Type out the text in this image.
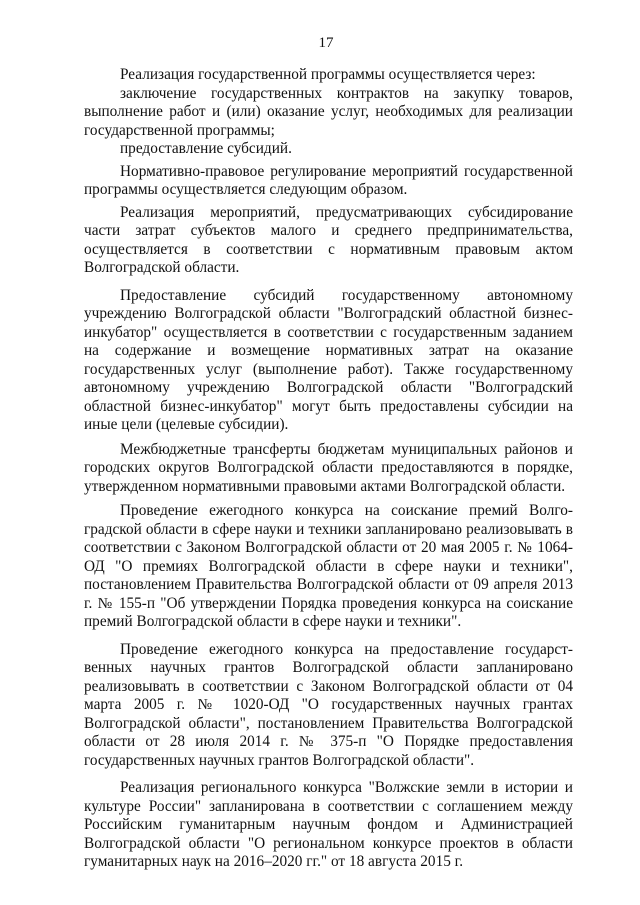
17

Реализация государственной программы осуществляется через:

заключение государственных контрактов на закупку товаров, выполнение работ и (или) оказание услуг, необходимых для реализации государственной программы;

предоставление субсидий.

Нормативно-правовое регулирование мероприятий государственной программы осуществляется следующим образом.

Реализация мероприятий, предусматривающих субсидирование части затрат субъектов малого и среднего предпринимательства, осуществляется в соответствии с нормативным правовым актом Волгоградской области.

Предоставление субсидий государственному автономному учреждению Волгоградской области "Волгоградский областной бизнес-инкубатор" осуществляется в соответствии с государственным заданием на содержание и возмещение нормативных затрат на оказание государственных услуг (выполнение работ). Также государственному автономному учреждению Волгоградской области "Волгоградский областной бизнес-инкубатор" могут быть предоставлены субсидии на иные цели (целевые субсидии).

Межбюджетные трансферты бюджетам муниципальных районов и городских округов Волгоградской области предоставляются в порядке, утвержденном нормативными правовыми актами Волгоградской области.

Проведение ежегодного конкурса на соискание премий Волгоградской области в сфере науки и техники запланировано реализовывать в соответствии с Законом Волгоградской области от 20 мая 2005 г. № 1064-ОД "О премиях Волгоградской области в сфере науки и техники", постановлением Правительства Волгоградской области от 09 апреля 2013 г. № 155-п "Об утверждении Порядка проведения конкурса на соискание премий Волгоградской области в сфере науки и техники".

Проведение ежегодного конкурса на предоставление государственных научных грантов Волгоградской области запланировано реализовывать в соответствии с Законом Волгоградской области от 04 марта 2005 г. № 1020-ОД "О государственных научных грантах Волгоградской области", постановлением Правительства Волгоградской области от 28 июля 2014 г. № 375-п "О Порядке предоставления государственных научных грантов Волгоградской области".

Реализация регионального конкурса "Волжские земли в истории и культуре России" запланирована в соответствии с соглашением между Российским гуманитарным научным фондом и Администрацией Волгоградской области "О региональном конкурсе проектов в области гуманитарных наук на 2016–2020 гг." от 18 августа 2015 г.
